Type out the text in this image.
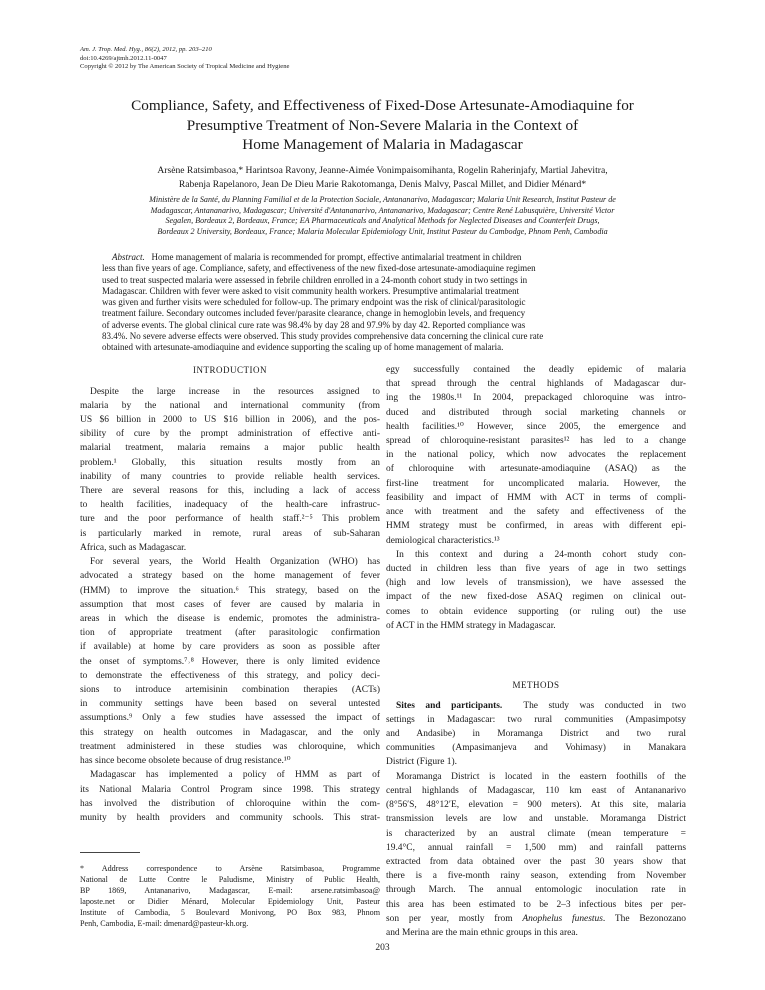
Am. J. Trop. Med. Hyg., 86(2), 2012, pp. 203–210
doi:10.4269/ajtmh.2012.11-0047
Copyright © 2012 by The American Society of Tropical Medicine and Hygiene
Compliance, Safety, and Effectiveness of Fixed-Dose Artesunate-Amodiaquine for
Presumptive Treatment of Non-Severe Malaria in the Context of
Home Management of Malaria in Madagascar
Arsène Ratsimbasoa,* Harintsoa Ravony, Jeanne-Aimée Vonimpaisomihanta, Rogelin Raherinjafy, Martial Jahevitra,
Rabenja Rapelanoro, Jean De Dieu Marie Rakotomanga, Denis Malvy, Pascal Millet, and Didier Ménard*
Ministère de la Santé, du Planning Familial et de la Protection Sociale, Antananarivo, Madagascar; Malaria Unit Research, Institut Pasteur de
Madagascar, Antananarivo, Madagascar; Université d'Antananarivo, Antananarivo, Madagascar; Centre René Labusquière, Université Victor
Segalen, Bordeaux 2, Bordeaux, France; EA Pharmaceuticals and Analytical Methods for Neglected Diseases and Counterfeit Drugs,
Bordeaux 2 University, Bordeaux, France; Malaria Molecular Epidemiology Unit, Institut Pasteur du Cambodge, Phnom Penh, Cambodia
Abstract. Home management of malaria is recommended for prompt, effective antimalarial treatment in children
less than five years of age. Compliance, safety, and effectiveness of the new fixed-dose artesunate-amodiaquine regimen
used to treat suspected malaria were assessed in febrile children enrolled in a 24-month cohort study in two settings in
Madagascar. Children with fever were asked to visit community health workers. Presumptive antimalarial treatment
was given and further visits were scheduled for follow-up. The primary endpoint was the risk of clinical/parasitologic
treatment failure. Secondary outcomes included fever/parasite clearance, change in hemoglobin levels, and frequency
of adverse events. The global clinical cure rate was 98.4% by day 28 and 97.9% by day 42. Reported compliance was
83.4%. No severe adverse effects were observed. This study provides comprehensive data concerning the clinical cure rate
obtained with artesunate-amodiaquine and evidence supporting the scaling up of home management of malaria.
INTRODUCTION
Despite the large increase in the resources assigned to
malaria by the national and international community (from
US $6 billion in 2000 to US $16 billion in 2006), and the pos-
sibility of cure by the prompt administration of effective anti-
malarial treatment, malaria remains a major public health
problem.¹ Globally, this situation results mostly from an
inability of many countries to provide reliable health services.
There are several reasons for this, including a lack of access
to health facilities, inadequacy of the health-care infrastruc-
ture and the poor performance of health staff.²⁻⁵ This problem
is particularly marked in remote, rural areas of sub-Saharan
Africa, such as Madagascar.
For several years, the World Health Organization (WHO) has
advocated a strategy based on the home management of fever
(HMM) to improve the situation.⁶ This strategy, based on the
assumption that most cases of fever are caused by malaria in
areas in which the disease is endemic, promotes the administra-
tion of appropriate treatment (after parasitologic confirmation
if available) at home by care providers as soon as possible after
the onset of symptoms.⁷˒⁸ However, there is only limited evidence
to demonstrate the effectiveness of this strategy, and policy deci-
sions to introduce artemisinin combination therapies (ACTs)
in community settings have been based on several untested
assumptions.⁹ Only a few studies have assessed the impact of
this strategy on health outcomes in Madagascar, and the only
treatment administered in these studies was chloroquine, which
has since become obsolete because of drug resistance.¹⁰
Madagascar has implemented a policy of HMM as part of
its National Malaria Control Program since 1998. This strategy
has involved the distribution of chloroquine within the com-
munity by health providers and community schools. This strat-
* Address correspondence to Arsène Ratsimbasoa, Programme
National de Lutte Contre le Paludisme, Ministry of Public Health,
BP 1869, Antananarivo, Madagascar, E-mail: arsene.ratsimbasoa@
laposte.net or Didier Ménard, Molecular Epidemiology Unit, Pasteur
Institute of Cambodia, 5 Boulevard Monivong, PO Box 983, Phnom
Penh, Cambodia, E-mail: dmenard@pasteur-kh.org.
egy successfully contained the deadly epidemic of malaria
that spread through the central highlands of Madagascar dur-
ing the 1980s.¹¹ In 2004, prepackaged chloroquine was intro-
duced and distributed through social marketing channels or
health facilities.¹⁰ However, since 2005, the emergence and
spread of chloroquine-resistant parasites¹² has led to a change
in the national policy, which now advocates the replacement
of chloroquine with artesunate-amodiaquine (ASAQ) as the
first-line treatment for uncomplicated malaria. However, the
feasibility and impact of HMM with ACT in terms of compli-
ance with treatment and the safety and effectiveness of the
HMM strategy must be confirmed, in areas with different epi-
demiological characteristics.¹³
In this context and during a 24-month cohort study con-
ducted in children less than five years of age in two settings
(high and low levels of transmission), we have assessed the
impact of the new fixed-dose ASAQ regimen on clinical out-
comes to obtain evidence supporting (or ruling out) the use
of ACT in the HMM strategy in Madagascar.
METHODS
Sites and participants. The study was conducted in two
settings in Madagascar: two rural communities (Ampasimpotsy
and Andasibe) in Moramanga District and two rural
communities (Ampasimanjeva and Vohimasy) in Manakara
District (Figure 1).
Moramanga District is located in the eastern foothills of the
central highlands of Madagascar, 110 km east of Antananarivo
(8°56′S, 48°12′E, elevation = 900 meters). At this site, malaria
transmission levels are low and unstable. Moramanga District
is characterized by an austral climate (mean temperature =
19.4°C, annual rainfall = 1,500 mm) and rainfall patterns
extracted from data obtained over the past 30 years show that
there is a five-month rainy season, extending from November
through March. The annual entomologic inoculation rate in
this area has been estimated to be 2–3 infectious bites per per-
son per year, mostly from Anophelus funestus. The Bezonozano
and Merina are the main ethnic groups in this area.
203
